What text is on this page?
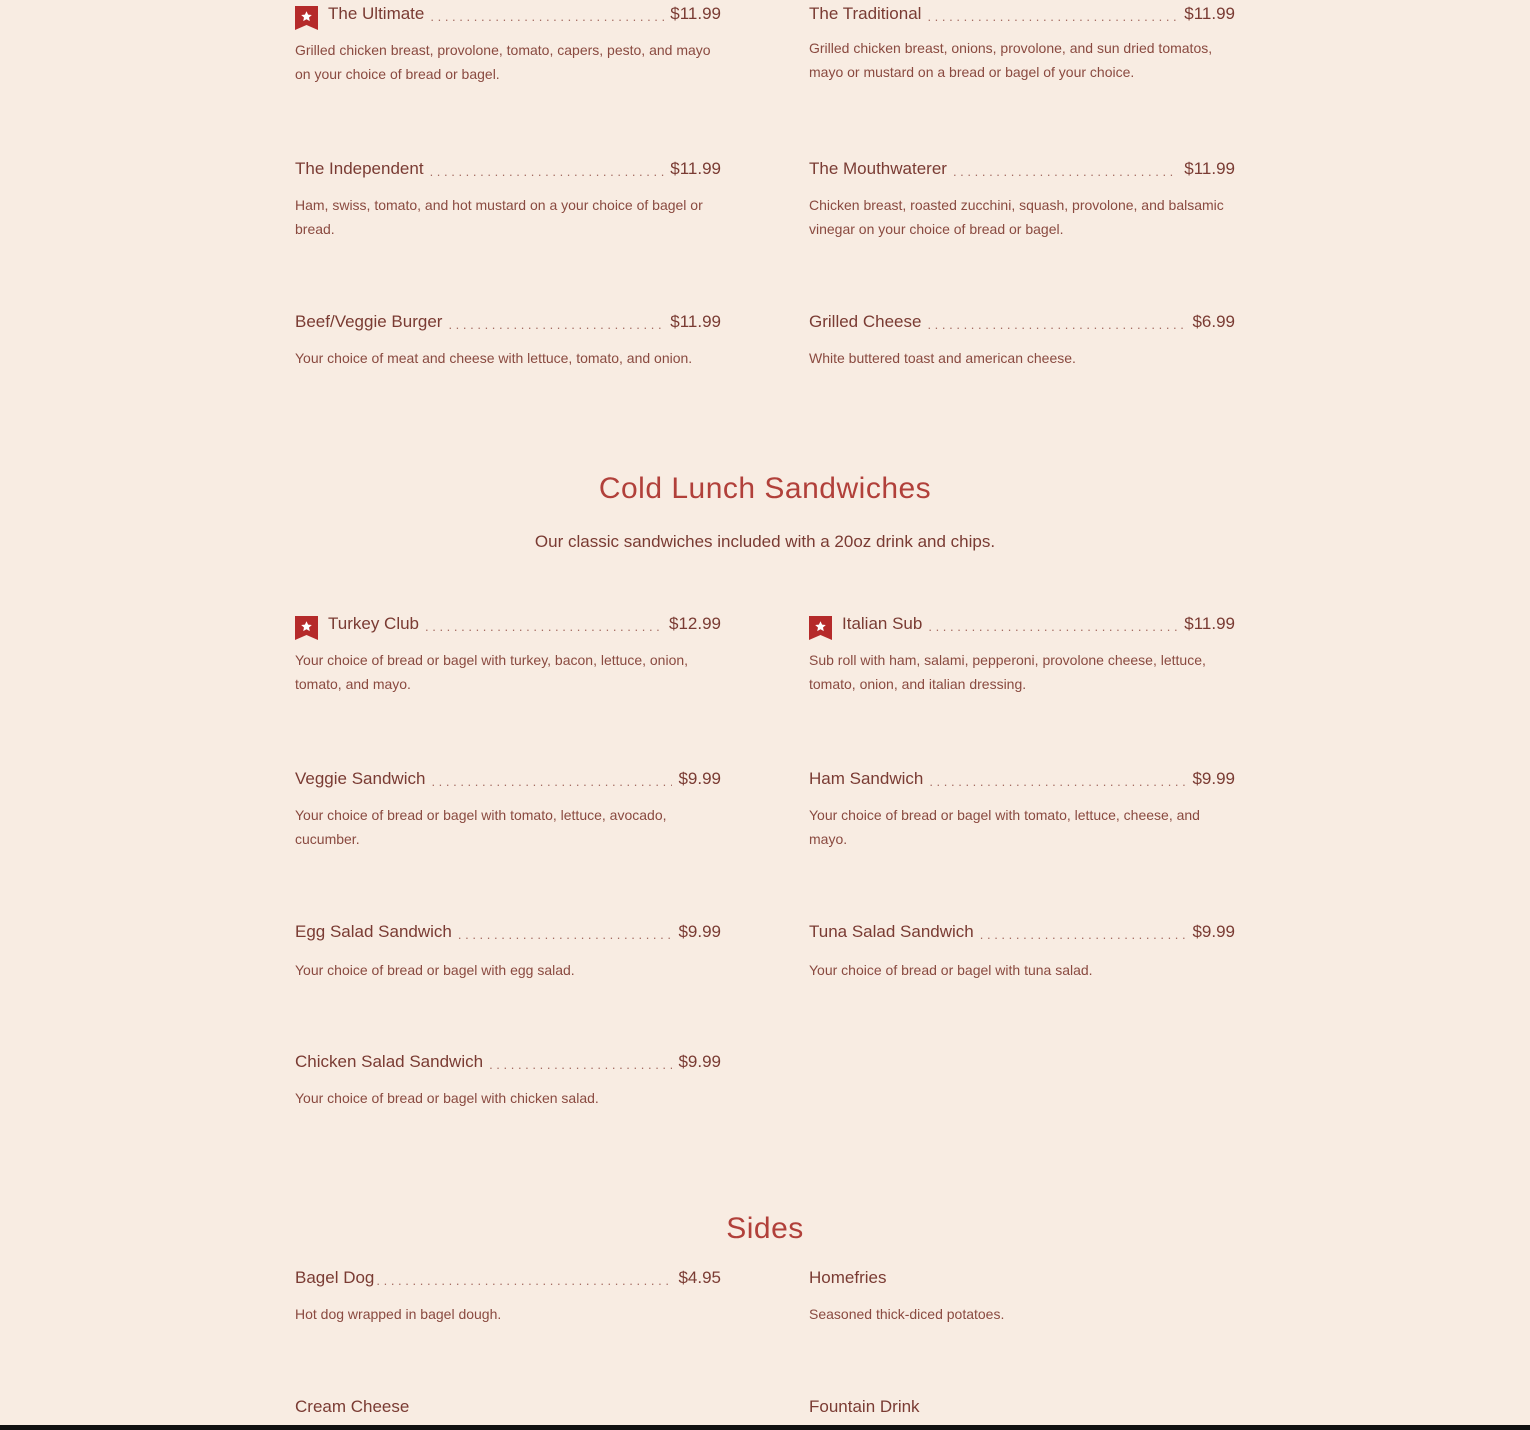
The Ultimate . . .	$11.99
Grilled chicken breast, provolone, tomato, capers, pesto, and mayo on your choice of bread or bagel.
The Traditional . . .	$11.99
Grilled chicken breast, onions, provolone, and sun dried tomatos, mayo or mustard on a bread or bagel of your choice.
The Independent . . .	$11.99
Ham, swiss, tomato, and hot mustard on a your choice of bagel or bread.
The Mouthwaterer . . .	$11.99
Chicken breast, roasted zucchini, squash, provolone, and balsamic vinegar on your choice of bread or bagel.
Beef/Veggie Burger . . .	$11.99
Your choice of meat and cheese with lettuce, tomato, and onion.
Grilled Cheese . . .	$6.99
White buttered toast and american cheese.
Cold Lunch Sandwiches
Our classic sandwiches included with a 20oz drink and chips.
Turkey Club . . .	$12.99
Your choice of bread or bagel with turkey, bacon, lettuce, onion, tomato, and mayo.
Italian Sub . . .	$11.99
Sub roll with ham, salami, pepperoni, provolone cheese, lettuce, tomato, onion, and italian dressing.
Veggie Sandwich . . .	$9.99
Your choice of bread or bagel with tomato, lettuce, avocado, cucumber.
Ham Sandwich . . .	$9.99
Your choice of bread or bagel with tomato, lettuce, cheese, and mayo.
Egg Salad Sandwich . . .	$9.99
Your choice of bread or bagel with egg salad.
Tuna Salad Sandwich . . .	$9.99
Your choice of bread or bagel with tuna salad.
Chicken Salad Sandwich . . .	$9.99
Your choice of bread or bagel with chicken salad.
Sides
Bagel Dog . . .	$4.95
Hot dog wrapped in bagel dough.
Homefries
Seasoned thick-diced potatoes.
Cream Cheese	Fountain Drink
